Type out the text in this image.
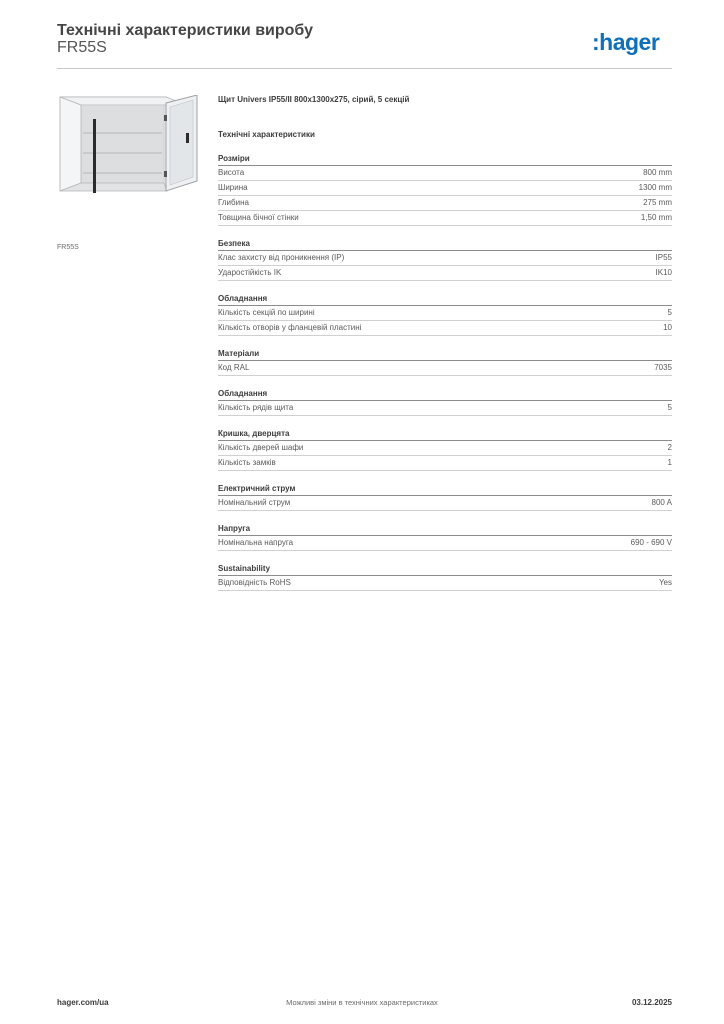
Технічні характеристики виробу
FR55S	:hager
FR55S
Щит Univers IP55/II 800x1300x275, сірий, 5 секцій
Технічні характеристики
Розміри
Висота	800 mm
Ширина	1300 mm
Глибина	275 mm
Товщина бічної стінки	1,50 mm
Безпека
Клас захисту від проникнення (IP)	IP55
Ударостійкість IK	IK10
Обладнання
Кількість секцій по ширині	5
Кількість отворів у фланцевій пластині	10
Матеріали
Код RAL	7035
Обладнання
Кількість рядів щита	5
Кришка, дверцята
Кількість дверей шафи	2
Кількість замків	1
Електричний струм
Номінальний струм	800 A
Напруга
Номінальна напруга	690 - 690 V
Sustainability
Відповідність RoHS	Yes
hager.com/ua	Можливі зміни в технічних характеристиках	03.12.2025
